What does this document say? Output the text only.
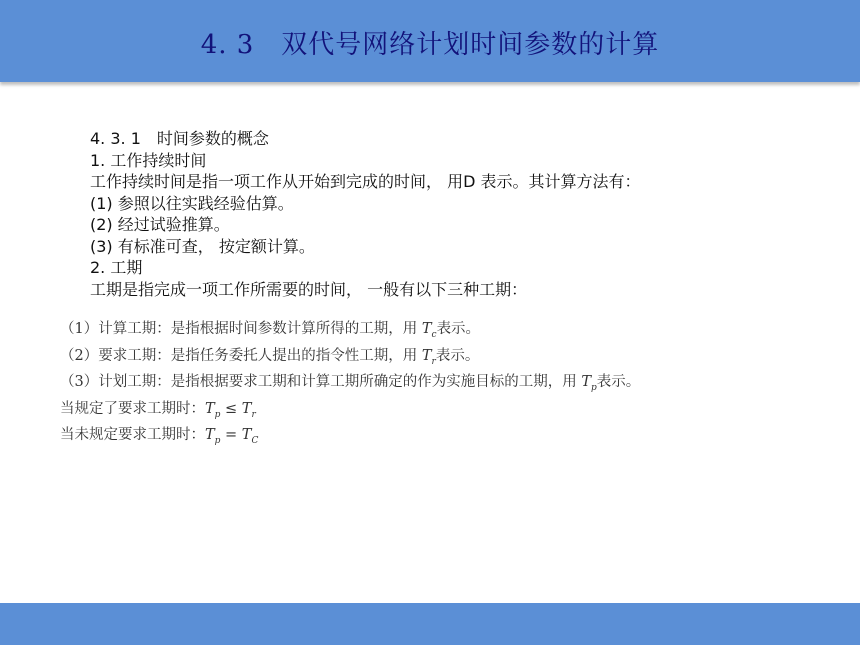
4. 3　双代号网络计划时间参数的计算
4. 3. 1　时间参数的概念
1. 工作持续时间
工作持续时间是指一项工作从开始到完成的时间， 用D 表示。其计算方法有：
(1) 参照以往实践经验估算。
(2) 经过试验推算。
(3) 有标准可查， 按定额计算。
2. 工期
工期是指完成一项工作所需要的时间， 一般有以下三种工期：
（1）计算工期：是指根据时间参数计算所得的工期，用 $T_c$表示。
（2）要求工期：是指任务委托人提出的指令性工期，用 $T_r$表示。
（3）计划工期：是指根据要求工期和计算工期所确定的作为实施目标的工期，用 $T_p$表示。
当规定了要求工期时：$T_p \le T_r$
当未规定要求工期时：$T_p = T_C$
